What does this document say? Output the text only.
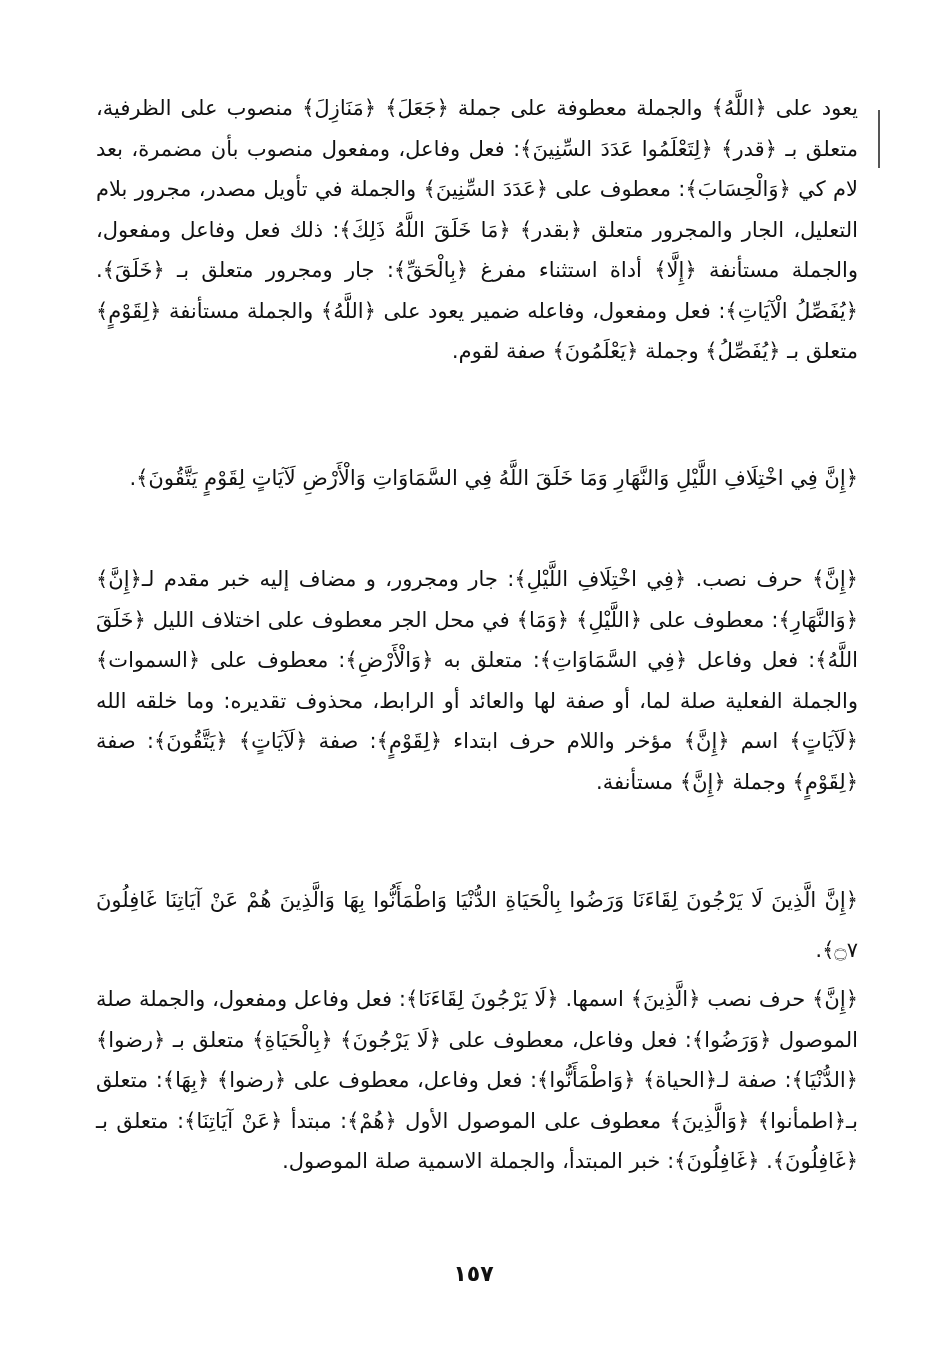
يعود على ﴿اللَّهُ﴾ والجملة معطوفة على جملة ﴿جَعَلَ﴾ ﴿مَنَازِلَ﴾ منصوب على الظرفية، متعلق بـ ﴿قدر﴾ ﴿لِتَعْلَمُوا عَدَدَ السِّنِينَ﴾: فعل وفاعل، ومفعول منصوب بأن مضمرة، بعد لام كي ﴿وَالْحِسَابَ﴾: معطوف على ﴿عَدَدَ السِّنِينَ﴾ والجملة في تأويل مصدر، مجرور بلام التعليل، الجار والمجرور متعلق ﴿بقدر﴾ ﴿مَا خَلَقَ اللَّهُ ذَلِكَ﴾: ذلك فعل وفاعل ومفعول، والجملة مستأنفة ﴿إِلَّا﴾ أداة استثناء مفرغ ﴿بِالْحَقِّ﴾: جار ومجرور متعلق بـ ﴿خَلَقَ﴾. ﴿يُفَصِّلُ الْآيَاتِ﴾: فعل ومفعول، وفاعله ضمير يعود على ﴿اللَّهُ﴾ والجملة مستأنفة ﴿لِقَوْمٍ﴾ متعلق بـ ﴿يُفَصِّلُ﴾ وجملة ﴿يَعْلَمُونَ﴾ صفة لقوم.

﴿إِنَّ فِي اخْتِلَافِ اللَّيْلِ وَالنَّهَارِ وَمَا خَلَقَ اللَّهُ فِي السَّمَاوَاتِ وَالْأَرْضِ لَآيَاتٍ لِقَوْمٍ يَتَّقُونَ﴾.

﴿إِنَّ﴾ حرف نصب. ﴿فِي اخْتِلَافِ اللَّيْلِ﴾: جار ومجرور، و مضاف إليه خبر مقدم لـ﴿إِنَّ﴾ ﴿وَالنَّهَارِ﴾: معطوف على ﴿اللَّيْلِ﴾ ﴿وَمَا﴾ في محل الجر معطوف على اختلاف الليل ﴿خَلَقَ اللَّهُ﴾: فعل وفاعل ﴿فِي السَّمَاوَاتِ﴾: متعلق به ﴿وَالْأَرْضِ﴾: معطوف على ﴿السموات﴾ والجملة الفعلية صلة لما، أو صفة لها والعائد أو الرابط، محذوف تقديره: وما خلقه الله ﴿لَآيَاتٍ﴾ اسم ﴿إِنَّ﴾ مؤخر واللام حرف ابتداء ﴿لِقَوْمٍ﴾: صفة ﴿لَآيَاتٍ﴾ ﴿يَتَّقُونَ﴾: صفة ﴿لِقَوْمٍ﴾ وجملة ﴿إِنَّ﴾ مستأنفة.

﴿إِنَّ الَّذِينَ لَا يَرْجُونَ لِقَاءَنَا وَرَضُوا بِالْحَيَاةِ الدُّنْيَا وَاطْمَأَنُّوا بِهَا وَالَّذِينَ هُمْ عَنْ آيَاتِنَا غَافِلُونَ ۝٧﴾.

﴿إِنَّ﴾ حرف نصب ﴿الَّذِينَ﴾ اسمها. ﴿لَا يَرْجُونَ لِقَاءَنَا﴾: فعل وفاعل ومفعول، والجملة صلة الموصول ﴿وَرَضُوا﴾: فعل وفاعل، معطوف على ﴿لَا يَرْجُونَ﴾ ﴿بِالْحَيَاةِ﴾ متعلق بـ ﴿رضوا﴾ ﴿الدُّنْيَا﴾: صفة لـ﴿الحياة﴾ ﴿وَاطْمَأَنُّوا﴾: فعل وفاعل، معطوف على ﴿رضوا﴾ ﴿بِهَا﴾: متعلق بـ﴿اطمأنوا﴾ ﴿وَالَّذِينَ﴾ معطوف على الموصول الأول ﴿هُمْ﴾: مبتدأ ﴿عَنْ آيَاتِنَا﴾: متعلق بـ ﴿غَافِلُونَ﴾. ﴿غَافِلُونَ﴾: خبر المبتدأ، والجملة الاسمية صلة الموصول.

١٥٧
